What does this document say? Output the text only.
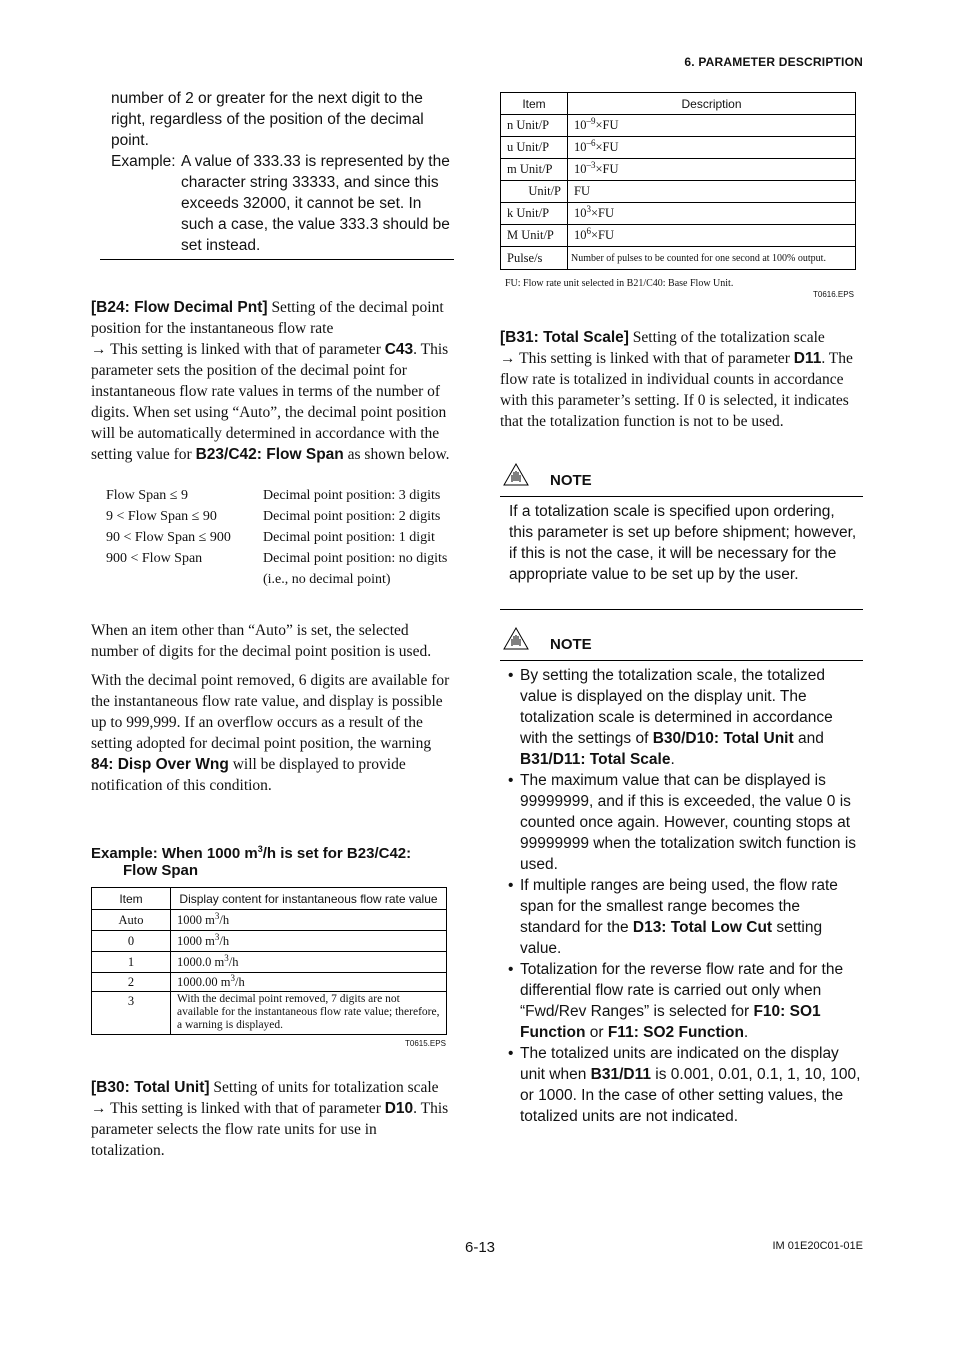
6. PARAMETER DESCRIPTION
number of 2 or greater for the next digit to the right, regardless of the position of the decimal point.
Example: A value of 333.33 is represented by the character string 33333, and since this exceeds 32000, it cannot be set. In such a case, the value 333.3 should be set instead.
[B24: Flow Decimal Pnt] Setting of the decimal point position for the instantaneous flow rate
→ This setting is linked with that of parameter C43. This parameter sets the position of the decimal point for instantaneous flow rate values in terms of the number of digits. When set using “Auto”, the decimal point position will be automatically determined in accordance with the setting value for B23/C42: Flow Span as shown below.
Flow Span ≤ 9	Decimal point position: 3 digits
9 < Flow Span ≤ 90	Decimal point position: 2 digits
90 < Flow Span ≤ 900	Decimal point position: 1 digit
900 < Flow Span	Decimal point position: no digits (i.e., no decimal point)
When an item other than “Auto” is set, the selected number of digits for the decimal point position is used.
With the decimal point removed, 6 digits are available for the instantaneous flow rate value, and display is possible up to 999,999. If an overflow occurs as a result of the setting adopted for decimal point position, the warning 84: Disp Over Wng will be displayed to provide notification of this condition.
Example: When 1000 $m^3/h$ is set for B23/C42:
Flow Span
Item	Display content for instantaneous flow rate value
Auto	1000 $m^3/h$
0	1000 $m^3/h$
1	1000.0 $m^3/h$
2	1000.00 $m^3/h$
3	With the decimal point removed, 7 digits are not available for the instantaneous flow rate value; therefore, a warning is displayed.
T0615.EPS
[B30: Total Unit] Setting of units for totalization scale
→ This setting is linked with that of parameter D10. This parameter selects the flow rate units for use in totalization.
Item	Description
n Unit/P	$10^{-9}\times FU$
u Unit/P	$10^{-6}\times FU$
m Unit/P	$10^{-3}\times FU$
Unit/P	FU
k Unit/P	$10^3\times FU$
M Unit/P	$10^6\times FU$
Pulse/s	Number of pulses to be counted for one second at 100% output.
FU: Flow rate unit selected in B21/C40: Base Flow Unit.
T0616.EPS
[B31: Total Scale] Setting of the totalization scale
→ This setting is linked with that of parameter D11. The flow rate is totalized in individual counts in accordance with this parameter’s setting. If 0 is selected, it indicates that the totalization function is not to be used.
NOTE
If a totalization scale is specified upon ordering, this parameter is set up before shipment; however, if this is not the case, it will be necessary for the appropriate value to be set up by the user.
NOTE
• By setting the totalization scale, the totalized value is displayed on the display unit. The totalization scale is determined in accordance with the settings of B30/D10: Total Unit and B31/D11: Total Scale.
• The maximum value that can be displayed is 99999999, and if this is exceeded, the value 0 is counted once again. However, counting stops at 99999999 when the totalization switch function is used.
• If multiple ranges are being used, the flow rate span for the smallest range becomes the standard for the D13: Total Low Cut setting value.
• Totalization for the reverse flow rate and for the differential flow rate is carried out only when “Fwd/Rev Ranges” is selected for F10: SO1 Function or F11: SO2 Function.
• The totalized units are indicated on the display unit when B31/D11 is 0.001, 0.01, 0.1, 1, 10, 100, or 1000. In the case of other setting values, the totalized units are not indicated.
6-13	IM 01E20C01-01E
